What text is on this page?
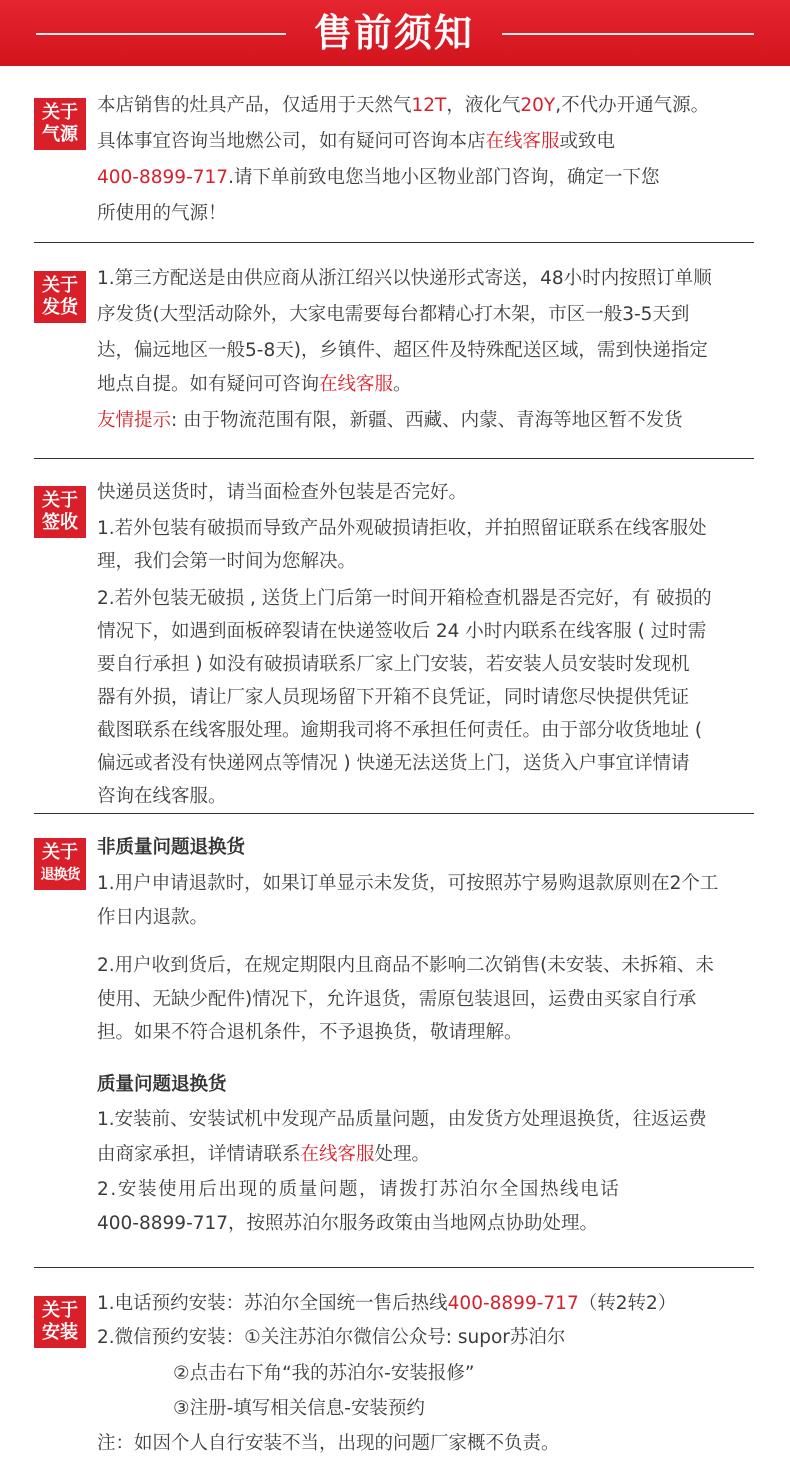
售前须知
关于
气源
本店销售的灶具产品，仅适用于天然气12T，液化气20Y,不代办开通气源。
具体事宜咨询当地燃公司，如有疑问可咨询本店在线客服或致电
400-8899-717.请下单前致电您当地小区物业部门咨询，确定一下您
所使用的气源！
关于
发货
1.第三方配送是由供应商从浙江绍兴以快递形式寄送，48小时内按照订单顺
序发货(大型活动除外，大家电需要每台都精心打木架，市区一般3-5天到
达，偏远地区一般5-8天)，乡镇件、超区件及特殊配送区域，需到快递指定
地点自提。如有疑问可咨询在线客服。
友情提示: 由于物流范围有限，新疆、西藏、内蒙、青海等地区暂不发货
关于
签收
快递员送货时，请当面检查外包装是否完好。
1.若外包装有破损而导致产品外观破损请拒收，并拍照留证联系在线客服处
理，我们会第一时间为您解决。
2.若外包装无破损 , 送货上门后第一时间开箱检查机器是否完好，有 破损的
情况下，如遇到面板碎裂请在快递签收后 24 小时内联系在线客服 ( 过时需
要自行承担 ) 如没有破损请联系厂家上门安装，若安装人员安装时发现机
器有外损，请让厂家人员现场留下开箱不良凭证，同时请您尽快提供凭证
截图联系在线客服处理。逾期我司将不承担任何责任。由于部分收货地址 (
偏远或者没有快递网点等情况 ) 快递无法送货上门，送货入户事宜详情请
咨询在线客服。
关于
退换货
非质量问题退换货
1.用户申请退款时，如果订单显示未发货，可按照苏宁易购退款原则在2个工
作日内退款。
2.用户收到货后，在规定期限内且商品不影响二次销售(未安装、未拆箱、未
使用、无缺少配件)情况下，允许退货，需原包装退回，运费由买家自行承
担。如果不符合退机条件，不予退换货，敬请理解。
质量问题退换货
1.安装前、安装试机中发现产品质量问题，由发货方处理退换货，往返运费
由商家承担，详情请联系在线客服处理。
2.安装使用后出现的质量问题，请拨打苏泊尔全国热线电话
400-8899-717，按照苏泊尔服务政策由当地网点协助处理。
关于
安装
1.电话预约安装：苏泊尔全国统一售后热线400-8899-717（转2转2）
2.微信预约安装：①关注苏泊尔微信公众号: supor苏泊尔
②点击右下角“我的苏泊尔-安装报修”
③注册-填写相关信息-安装预约
注：如因个人自行安装不当，出现的问题厂家概不负责。
